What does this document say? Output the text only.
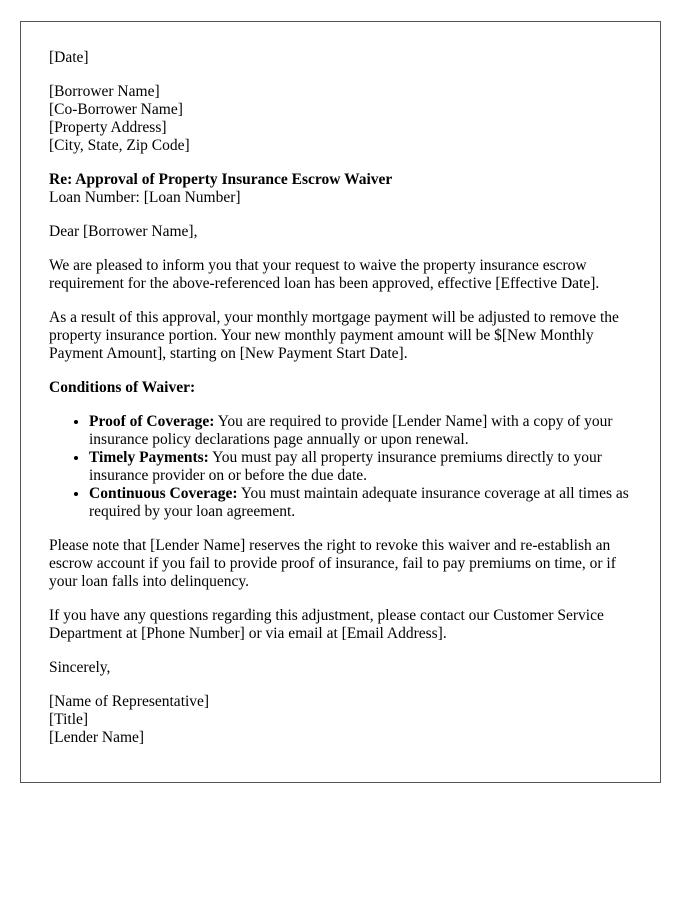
[Date]

[Borrower Name]
[Co-Borrower Name]
[Property Address]
[City, State, Zip Code]
Re: Approval of Property Insurance Escrow Waiver
Loan Number: [Loan Number]

Dear [Borrower Name],

We are pleased to inform you that your request to waive the property insurance escrow requirement for the above-referenced loan has been approved, effective [Effective Date].

As a result of this approval, your monthly mortgage payment will be adjusted to remove the property insurance portion. Your new monthly payment amount will be $[New Monthly Payment Amount], starting on [New Payment Start Date].

Conditions of Waiver:

• Proof of Coverage: You are required to provide [Lender Name] with a copy of your insurance policy declarations page annually or upon renewal.
• Timely Payments: You must pay all property insurance premiums directly to your insurance provider on or before the due date.
• Continuous Coverage: You must maintain adequate insurance coverage at all times as required by your loan agreement.

Please note that [Lender Name] reserves the right to revoke this waiver and re-establish an escrow account if you fail to provide proof of insurance, fail to pay premiums on time, or if your loan falls into delinquency.

If you have any questions regarding this adjustment, please contact our Customer Service Department at [Phone Number] or via email at [Email Address].

Sincerely,

[Name of Representative]
[Title]
[Lender Name]
